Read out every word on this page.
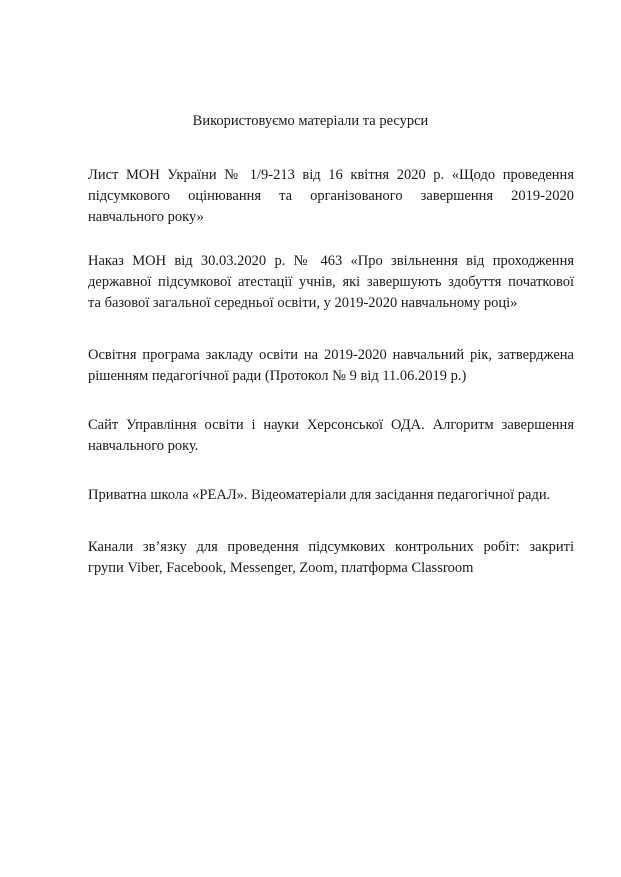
Використовуємо матеріали та ресурси
Лист МОН України № 1/9-213 від 16 квітня 2020 р. «Щодо проведення
підсумкового оцінювання та організованого завершення 2019-2020
навчального року»
Наказ МОН від 30.03.2020 р. № 463 «Про звільнення від проходження
державної підсумкової атестації учнів, які завершують здобуття початкової
та базової загальної середньої освіти, у 2019-2020 навчальному році»
Освітня програма закладу освіти на 2019-2020 навчальний рік, затверджена
рішенням педагогічної ради (Протокол № 9 від 11.06.2019 р.)
Сайт Управління освіти і науки Херсонської ОДА. Алгоритм завершення
навчального року.
Приватна школа «РЕАЛ». Відеоматеріали для засідання педагогічної ради.
Канали зв’язку для проведення підсумкових контрольних робіт: закриті
групи Viber, Facebook, Messenger, Zoom, платформа Classroom
